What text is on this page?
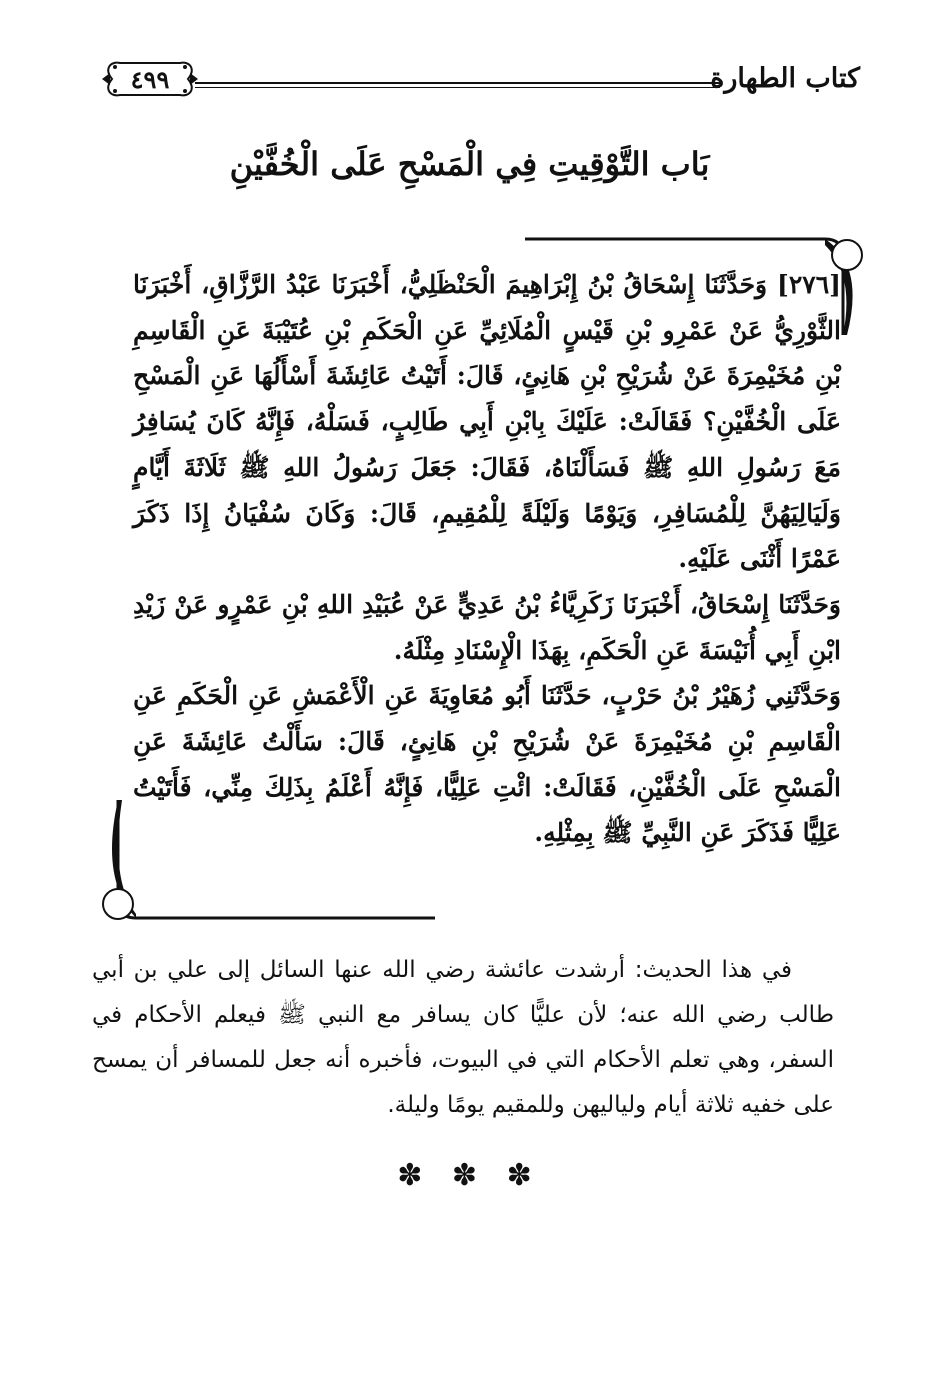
كتاب الطهارة
٤٩٩
بَاب التَّوْقِيتِ فِي الْمَسْحِ عَلَى الْخُفَّيْنِ

[٢٧٦] وَحَدَّثَنَا إِسْحَاقُ بْنُ إِبْرَاهِيمَ الْحَنْظَلِيُّ، أَخْبَرَنَا عَبْدُ الرَّزَّاقِ، أَخْبَرَنَا الثَّوْرِيُّ عَنْ عَمْرِو بْنِ قَيْسٍ الْمُلَائِيِّ عَنِ الْحَكَمِ بْنِ عُتَيْبَةَ عَنِ الْقَاسِمِ بْنِ مُخَيْمِرَةَ عَنْ شُرَيْحِ بْنِ هَانِئٍ، قَالَ: أَتَيْتُ عَائِشَةَ أَسْأَلُهَا عَنِ الْمَسْحِ عَلَى الْخُفَّيْنِ؟ فَقَالَتْ: عَلَيْكَ بِابْنِ أَبِي طَالِبٍ، فَسَلْهُ، فَإِنَّهُ كَانَ يُسَافِرُ مَعَ رَسُولِ اللهِ ﷺ فَسَأَلْنَاهُ، فَقَالَ: جَعَلَ رَسُولُ اللهِ ﷺ ثَلَاثَةَ أَيَّامٍ وَلَيَالِيَهُنَّ لِلْمُسَافِرِ، وَيَوْمًا وَلَيْلَةً لِلْمُقِيمِ، قَالَ: وَكَانَ سُفْيَانُ إِذَا ذَكَرَ عَمْرًا أَثْنَى عَلَيْهِ.

وَحَدَّثَنَا إِسْحَاقُ، أَخْبَرَنَا زَكَرِيَّاءُ بْنُ عَدِيٍّ عَنْ عُبَيْدِ اللهِ بْنِ عَمْرٍو عَنْ زَيْدِ ابْنِ أَبِي أُنَيْسَةَ عَنِ الْحَكَمِ، بِهَذَا الْإِسْنَادِ مِثْلَهُ.

وَحَدَّثَنِي زُهَيْرُ بْنُ حَرْبٍ، حَدَّثَنَا أَبُو مُعَاوِيَةَ عَنِ الْأَعْمَشِ عَنِ الْحَكَمِ عَنِ الْقَاسِمِ بْنِ مُخَيْمِرَةَ عَنْ شُرَيْحِ بْنِ هَانِئٍ، قَالَ: سَأَلْتُ عَائِشَةَ عَنِ الْمَسْحِ عَلَى الْخُفَّيْنِ، فَقَالَتْ: ائْتِ عَلِيًّا، فَإِنَّهُ أَعْلَمُ بِذَلِكَ مِنِّي، فَأَتَيْتُ عَلِيًّا فَذَكَرَ عَنِ النَّبِيِّ ﷺ بِمِثْلِهِ.

في هذا الحديث: أرشدت عائشة رضي الله عنها السائل إلى علي بن أبي طالب رضي الله عنه؛ لأن عليًّا كان يسافر مع النبي ﷺ فيعلم الأحكام في السفر، وهي تعلم الأحكام التي في البيوت، فأخبره أنه جعل للمسافر أن يمسح على خفيه ثلاثة أيام ولياليهن وللمقيم يومًا وليلة.

✽ ✽ ✽
